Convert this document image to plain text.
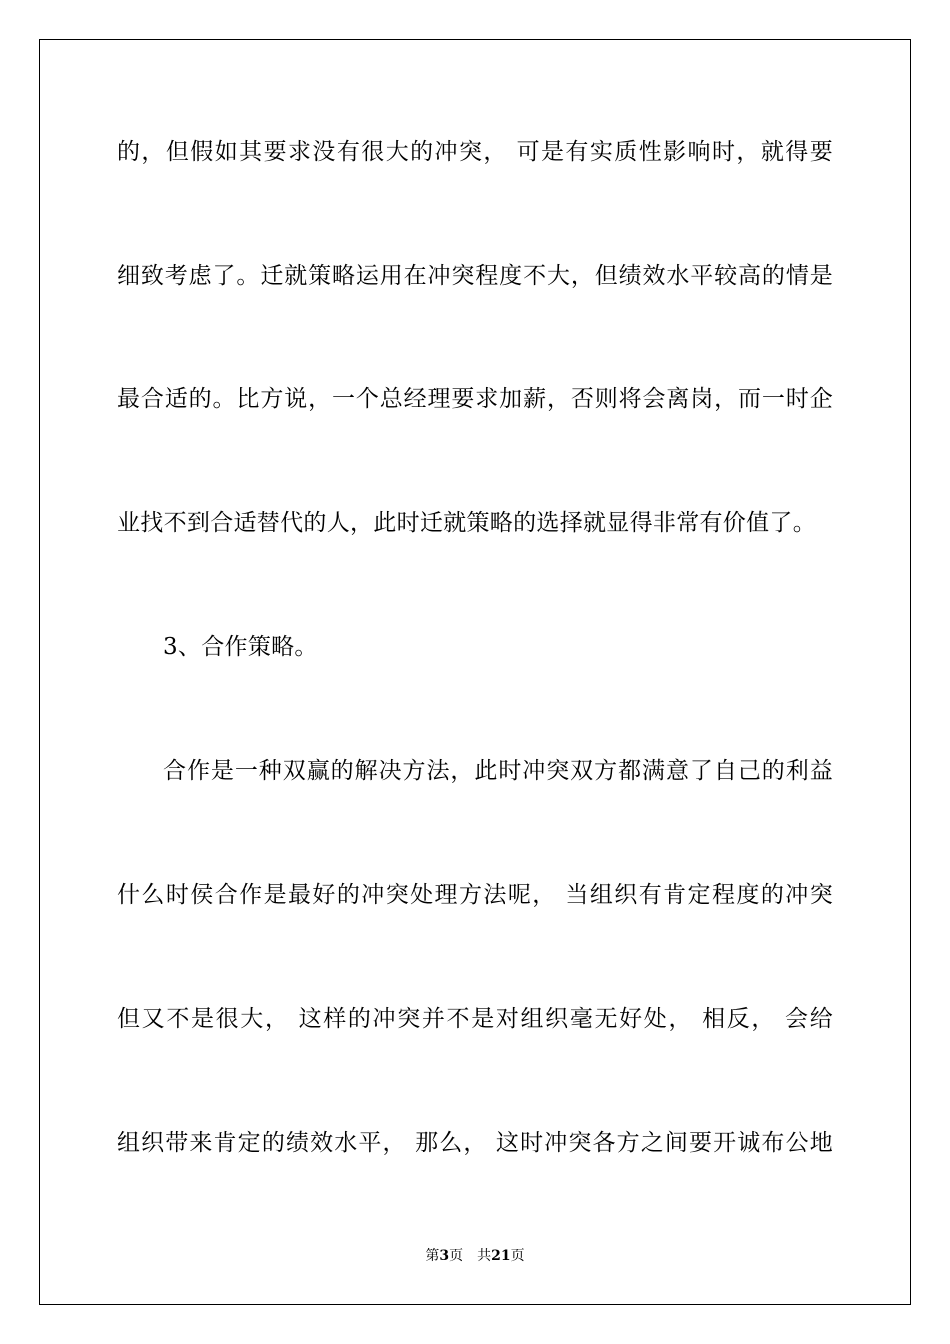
的，但假如其要求没有很大的冲突， 可是有实质性影响时，就得要
细致考虑了。迁就策略运用在冲突程度不大，但绩效水平较高的情是
最合适的。比方说，一个总经理要求加薪，否则将会离岗，而一时企
业找不到合适替代的人，此时迁就策略的选择就显得非常有价值了。
3、合作策略。
合作是一种双赢的解决方法，此时冲突双方都满意了自己的利益
什么时侯合作是最好的冲突处理方法呢， 当组织有肯定程度的冲突
但又不是很大， 这样的冲突并不是对组织毫无好处， 相反， 会给
组织带来肯定的绩效水平， 那么， 这时冲突各方之间要开诚布公地
第3页 共21页
